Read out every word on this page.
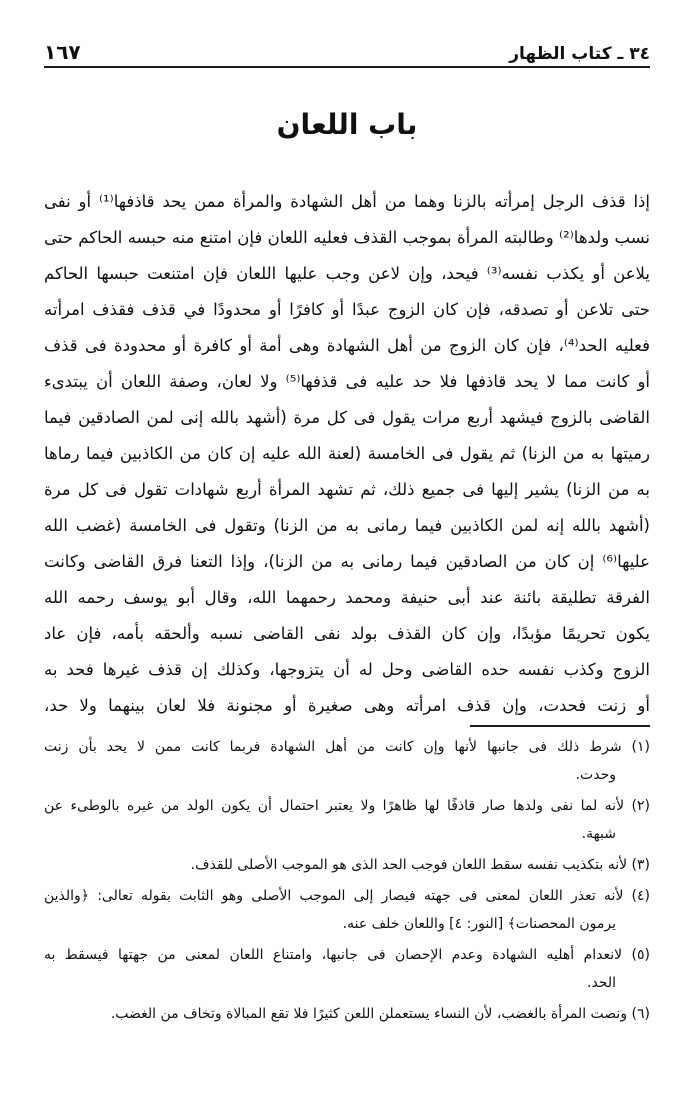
٣٤ ـ كتاب الظهار
١٦٧
باب اللعان
إذا قذف الرجل إمرأته بالزنا وهما من أهل الشهادة والمرأة ممن يحد قاذفها⁽¹⁾ أو نفى
نسب ولدها⁽²⁾ وطالبته المرأة بموجب القذف فعليه اللعان فإن امتنع منه حبسه الحاكم حتى
يلاعن أو يكذب نفسه⁽³⁾ فيحد، وإن لاعن وجب عليها اللعان فإن امتنعت حبسها الحاكم
حتى تلاعن أو تصدقه، فإن كان الزوج عبدًا أو كافرًا أو محدودًا في قذف فقذف امرأته
فعليه الحد⁽⁴⁾، فإن كان الزوج من أهل الشهادة وهى أمة أو كافرة أو محدودة فى قذف
أو كانت مما لا يحد قاذفها فلا حد عليه فى قذفها⁽⁵⁾ ولا لعان، وصفة اللعان أن يبتدىء
القاضى بالزوج فيشهد أربع مرات يقول فى كل مرة (أشهد بالله إنى لمن الصادقين فيما
رميتها به من الزنا) ثم يقول فى الخامسة (لعنة الله عليه إن كان من الكاذبين فيما رماها
به من الزنا) يشير إليها فى جميع ذلك، ثم تشهد المرأة أربع شهادات تقول فى كل مرة
(أشهد بالله إنه لمن الكاذبين فيما رمانى به من الزنا) وتقول فى الخامسة (غضب الله
عليها⁽⁶⁾ إن كان من الصادقين فيما رمانى به من الزنا)، وإذا التعنا فرق القاضى وكانت
الفرقة تطليقة بائنة عند أبى حنيفة ومحمد رحمهما الله، وقال أبو يوسف رحمه الله
يكون تحريمًا مؤبدًا، وإن كان القذف بولد نفى القاضى نسبه وألحقه بأمه، فإن عاد
الزوج وكذب نفسه حده القاضى وحل له أن يتزوجها، وكذلك إن قذف غيرها فحد به
أو زنت فحدت، وإن قذف امرأته وهى صغيرة أو مجنونة فلا لعان بينهما ولا حد،
(١) شرط ذلك فى جانبها لأنها وإن كانت من أهل الشهادة فربما كانت ممن لا يحد بأن زنت
وحدت.
(٢) لأنه لما نفى ولدها صار قاذفًا لها ظاهرًا ولا يعتبر احتمال أن يكون الولد من غيره بالوطىء عن
شبهة.
(٣) لأنه بتكذيب نفسه سقط اللعان فوجب الحد الذى هو الموجب الأصلى للقذف.
(٤) لأنه تعذر اللعان لمعنى فى جهته فيصار إلى الموجب الأصلى وهو الثابت بقوله تعالى: ﴿والذين
يرمون المحصنات﴾ [النور: ٤] واللعان خلف عنه.
(٥) لانعدام أهليه الشهادة وعدم الإحصان فى جانبها، وامتناع اللعان لمعنى من جهتها فيسقط به
الحد.
(٦) ونصت المرأة بالغضب، لأن النساء يستعملن اللعن كثيرًا فلا تقع المبالاة وتخاف من الغضب.
